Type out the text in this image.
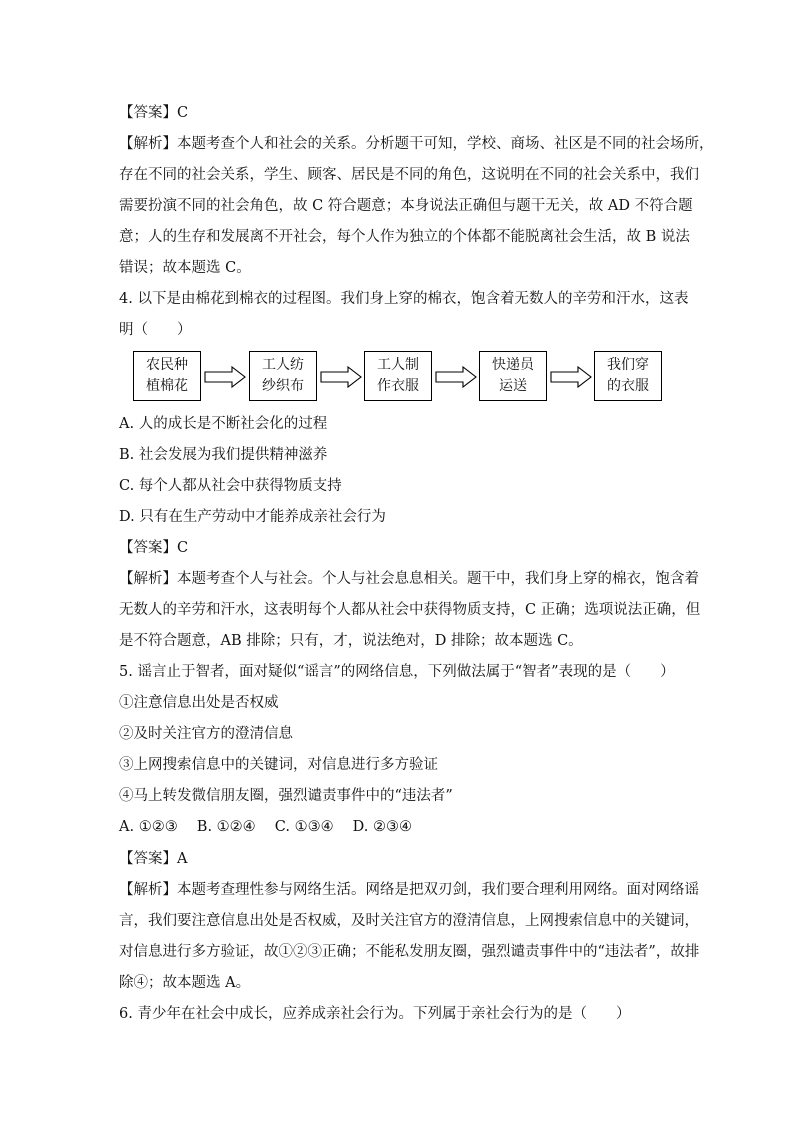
【答案】C
【解析】本题考查个人和社会的关系。分析题干可知，学校、商场、社区是不同的社会场所，
存在不同的社会关系，学生、顾客、居民是不同的角色，这说明在不同的社会关系中，我们
需要扮演不同的社会角色，故 C 符合题意；本身说法正确但与题干无关，故 AD 不符合题
意；人的生存和发展离不开社会，每个人作为独立的个体都不能脱离社会生活，故 B 说法
错误；故本题选 C。
4. 以下是由棉花到棉衣的过程图。我们身上穿的棉衣，饱含着无数人的辛劳和汗水，这表
明（　　）
农民种
植棉花
工人纺
纱织布
工人制
作衣服
快递员
运送
我们穿
的衣服
A. 人的成长是不断社会化的过程
B. 社会发展为我们提供精神滋养
C. 每个人都从社会中获得物质支持
D. 只有在生产劳动中才能养成亲社会行为
【答案】C
【解析】本题考查个人与社会。个人与社会息息相关。题干中，我们身上穿的棉衣，饱含着
无数人的辛劳和汗水，这表明每个人都从社会中获得物质支持，C 正确；选项说法正确，但
是不符合题意，AB 排除；只有，才，说法绝对，D 排除；故本题选 C。
5. 谣言止于智者，面对疑似“谣言”的网络信息，下列做法属于“智者”表现的是（　　）
①注意信息出处是否权威
②及时关注官方的澄清信息
③上网搜索信息中的关键词，对信息进行多方验证
④马上转发微信朋友圈，强烈谴责事件中的“违法者”
A. ①②③　 B. ①②④　 C. ①③④　 D. ②③④
【答案】A
【解析】本题考查理性参与网络生活。网络是把双刃剑，我们要合理利用网络。面对网络谣
言，我们要注意信息出处是否权威，及时关注官方的澄清信息，上网搜索信息中的关键词，
对信息进行多方验证，故①②③正确；不能私发朋友圈，强烈谴责事件中的“违法者”，故排
除④；故本题选 A。
6. 青少年在社会中成长，应养成亲社会行为。下列属于亲社会行为的是（　　）
